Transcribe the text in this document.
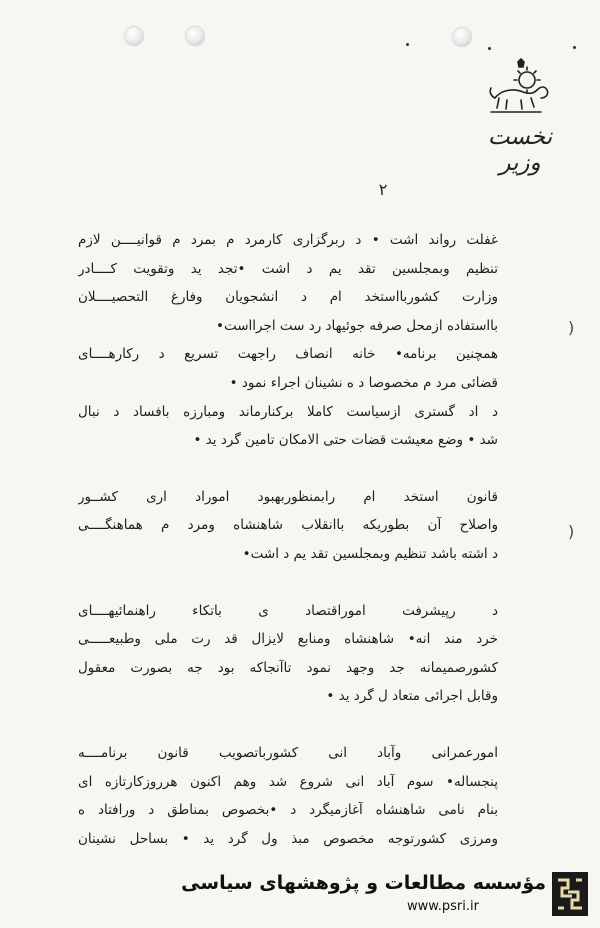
نخست وزیر
۲
غفلت رواند اشت • د ربرگزاری کارمرد م بمرد م قوانیــــن لازم
تنظیم وبمجلسین تقد یم د اشت •تجد ید وتقویت کــــادر
وزارت کشوربااستخد ام د انشجویان وفارغ التحصیــــلان
بااستفاده ازمحل صرفه جوئیهاد رد ست اجرااست•
همچنین برنامه• خانه انصاف راجهت تسریع د رکارهــــای
قضائی مرد م مخصوصا د ه نشینان اجراء نمود •
د اد گستری ازسیاست کاملا برکنارماند ومبارزه بافساد د نبال
شد • وضع معیشت قضات حتی الامکان تامین گرد ید •
قانون استخد ام رابمنظوربهبود اموراد اری کشــور
واصلاح آن بطوریکه باانقلاب شاهنشاه ومرد م هماهنگــــی
د اشته باشد تنظیم وبمجلسین تقد یم د اشت•
د رپیشرفت اموراقتصاد ی باتکاء راهنمائیهــــای
خرد مند انه• شاهنشاه ومنابع لایزال قد رت ملی وطبیعـــــی
کشورصمیمانه جد وجهد نمود تاآنجاکه بود جه بصورت معقول
وقابل اجرائی متعاد ل گرد ید •
امورعمرانی وآباد انی کشورباتصویب قانون برنامــــه
پنجساله• سوم آباد انی شروع شد وهم اکنون هرروزکارتازه ای
بنام نامی شاهنشاه آغازمیگرد د •بخصوص بمناطق د ورافتاد ه
ومرزی کشورتوجه مخصوص مبذ ول گرد ید • بساحل نشینان
)
)
مؤسسه مطالعات و پژوهشهای سیاسی
www.psri.ir
